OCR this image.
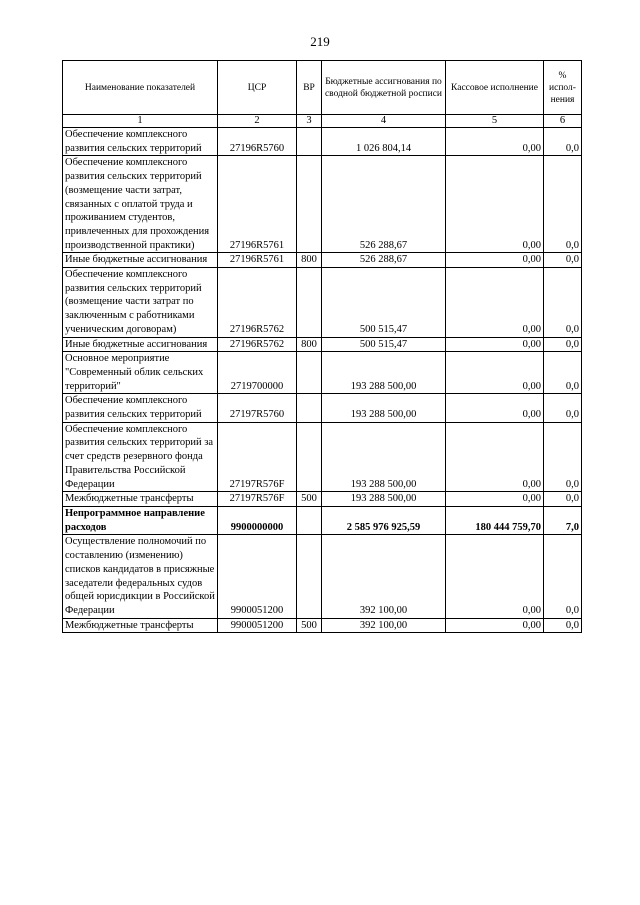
219
Наименование показателей	ЦСР	ВР	Бюджетные ассигнования по сводной бюджетной росписи	Кассовое исполнение	% испол-нения
1	2	3	4	5	6
Обеспечение комплексного развития сельских территорий	27196R5760		1 026 804,14	0,00	0,0
Обеспечение комплексного развития сельских территорий (возмещение части затрат, связанных с оплатой труда и проживанием студентов, привлеченных для прохождения производственной практики)	27196R5761		526 288,67	0,00	0,0
Иные бюджетные ассигнования	27196R5761	800	526 288,67	0,00	0,0
Обеспечение комплексного развития сельских территорий (возмещение части затрат по заключенным с работниками ученическим договорам)	27196R5762		500 515,47	0,00	0,0
Иные бюджетные ассигнования	27196R5762	800	500 515,47	0,00	0,0
Основное мероприятие "Современный облик сельских территорий"	2719700000		193 288 500,00	0,00	0,0
Обеспечение комплексного развития сельских территорий	27197R5760		193 288 500,00	0,00	0,0
Обеспечение комплексного развития сельских территорий за счет средств резервного фонда Правительства Российской Федерации	27197R576F		193 288 500,00	0,00	0,0
Межбюджетные трансферты	27197R576F	500	193 288 500,00	0,00	0,0
Непрограммное направление расходов	9900000000		2 585 976 925,59	180 444 759,70	7,0
Осуществление полномочий по составлению (изменению) списков кандидатов в присяжные заседатели федеральных судов общей юрисдикции в Российской Федерации	9900051200		392 100,00	0,00	0,0
Межбюджетные трансферты	9900051200	500	392 100,00	0,00	0,0
